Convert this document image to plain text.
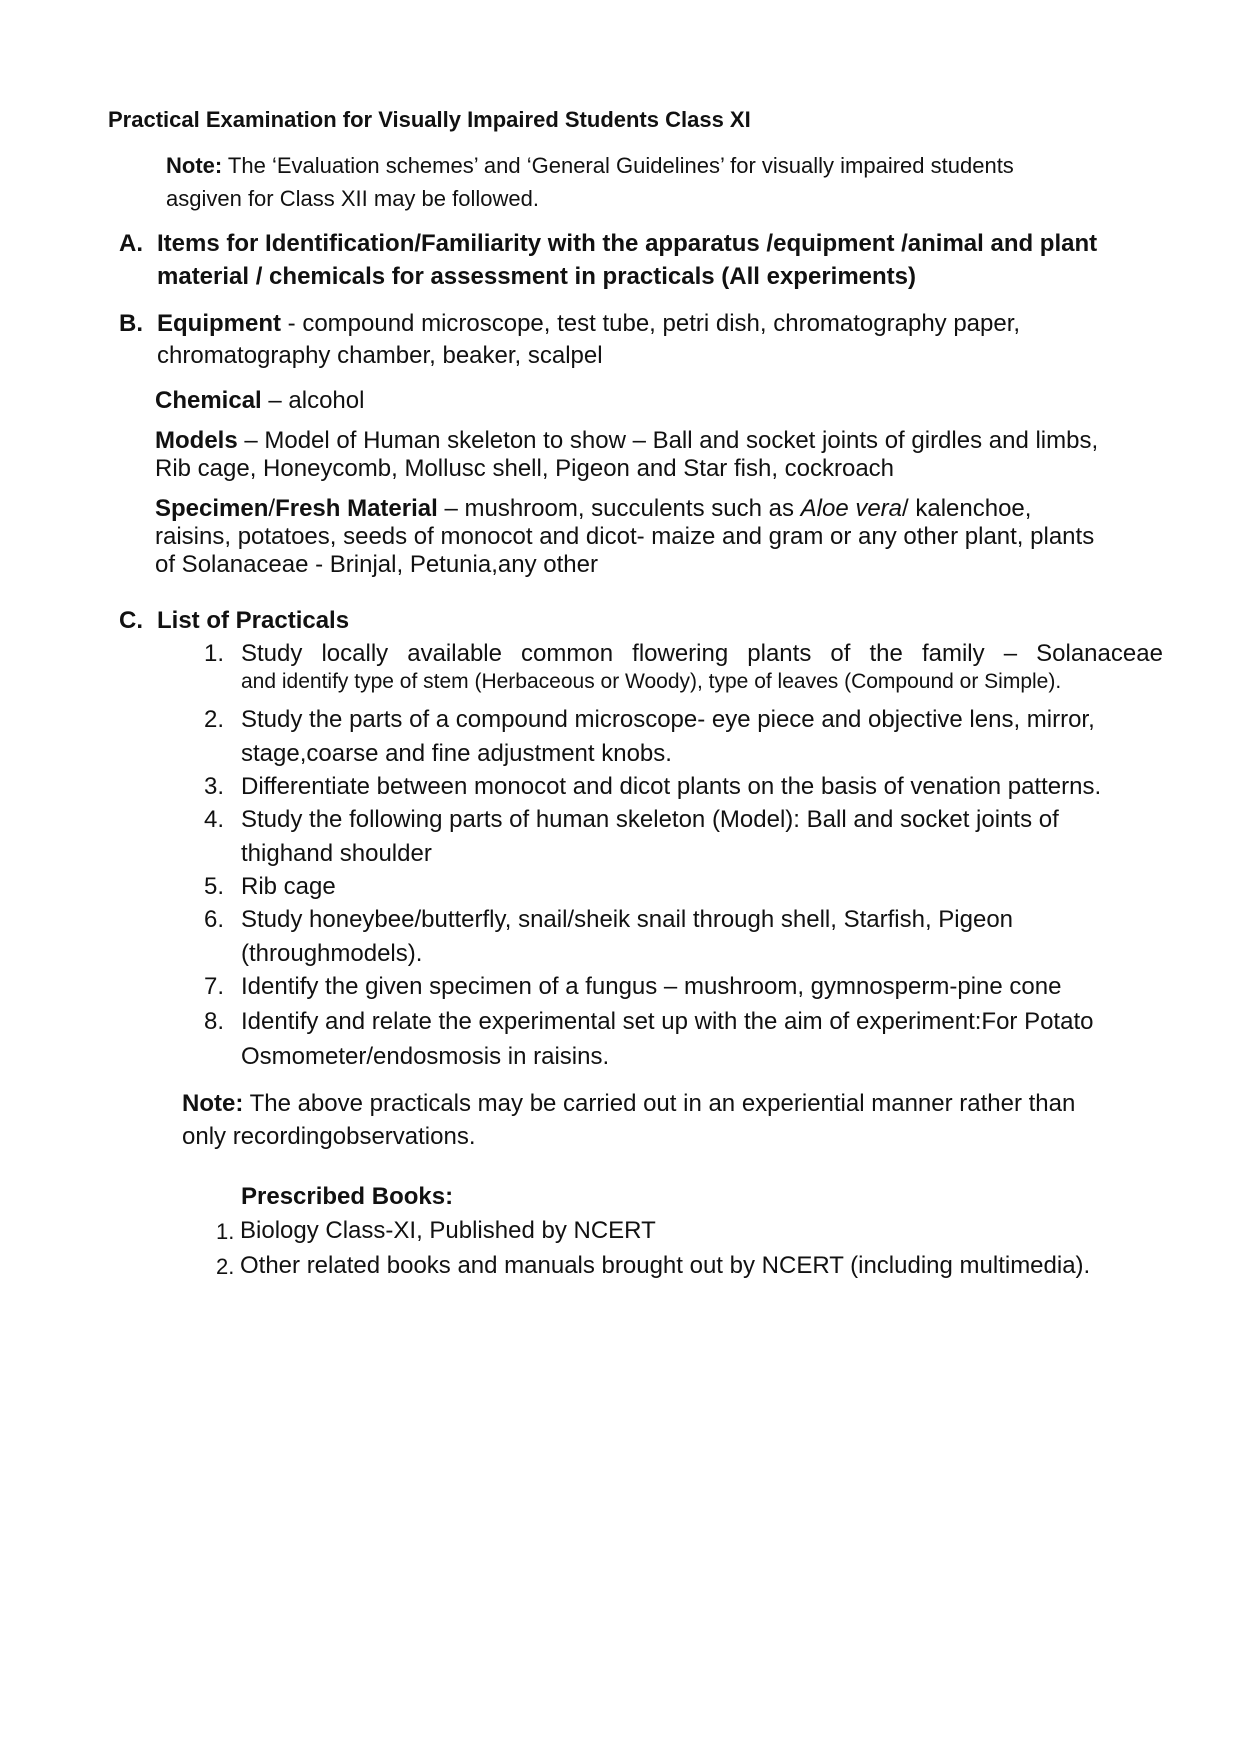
Practical Examination for Visually Impaired Students Class XI
Note: The ‘Evaluation schemes’ and ‘General Guidelines’ for visually impaired students
asgiven for Class XII may be followed.
A. Items for Identification/Familiarity with the apparatus /equipment /animal and plant
material / chemicals for assessment in practicals (All experiments)
B. Equipment - compound microscope, test tube, petri dish, chromatography paper,
chromatography chamber, beaker, scalpel
Chemical – alcohol
Models – Model of Human skeleton to show – Ball and socket joints of girdles and limbs,
Rib cage, Honeycomb, Mollusc shell, Pigeon and Star fish, cockroach
Specimen/Fresh Material – mushroom, succulents such as Aloe vera/ kalenchoe,
raisins, potatoes, seeds of monocot and dicot- maize and gram or any other plant, plants
of Solanaceae - Brinjal, Petunia,any other
C. List of Practicals
1. Study locally available common flowering plants of the family – Solanaceae
and identify type of stem (Herbaceous or Woody), type of leaves (Compound or Simple).
2. Study the parts of a compound microscope- eye piece and objective lens, mirror,
stage,coarse and fine adjustment knobs.
3. Differentiate between monocot and dicot plants on the basis of venation patterns.
4. Study the following parts of human skeleton (Model): Ball and socket joints of
thighand shoulder
5. Rib cage
6. Study honeybee/butterfly, snail/sheik snail through shell, Starfish, Pigeon
(throughmodels).
7. Identify the given specimen of a fungus – mushroom, gymnosperm-pine cone
8. Identify and relate the experimental set up with the aim of experiment:For Potato
Osmometer/endosmosis in raisins.
Note: The above practicals may be carried out in an experiential manner rather than
only recordingobservations.
Prescribed Books:
1. Biology Class-XI, Published by NCERT
2. Other related books and manuals brought out by NCERT (including multimedia).
